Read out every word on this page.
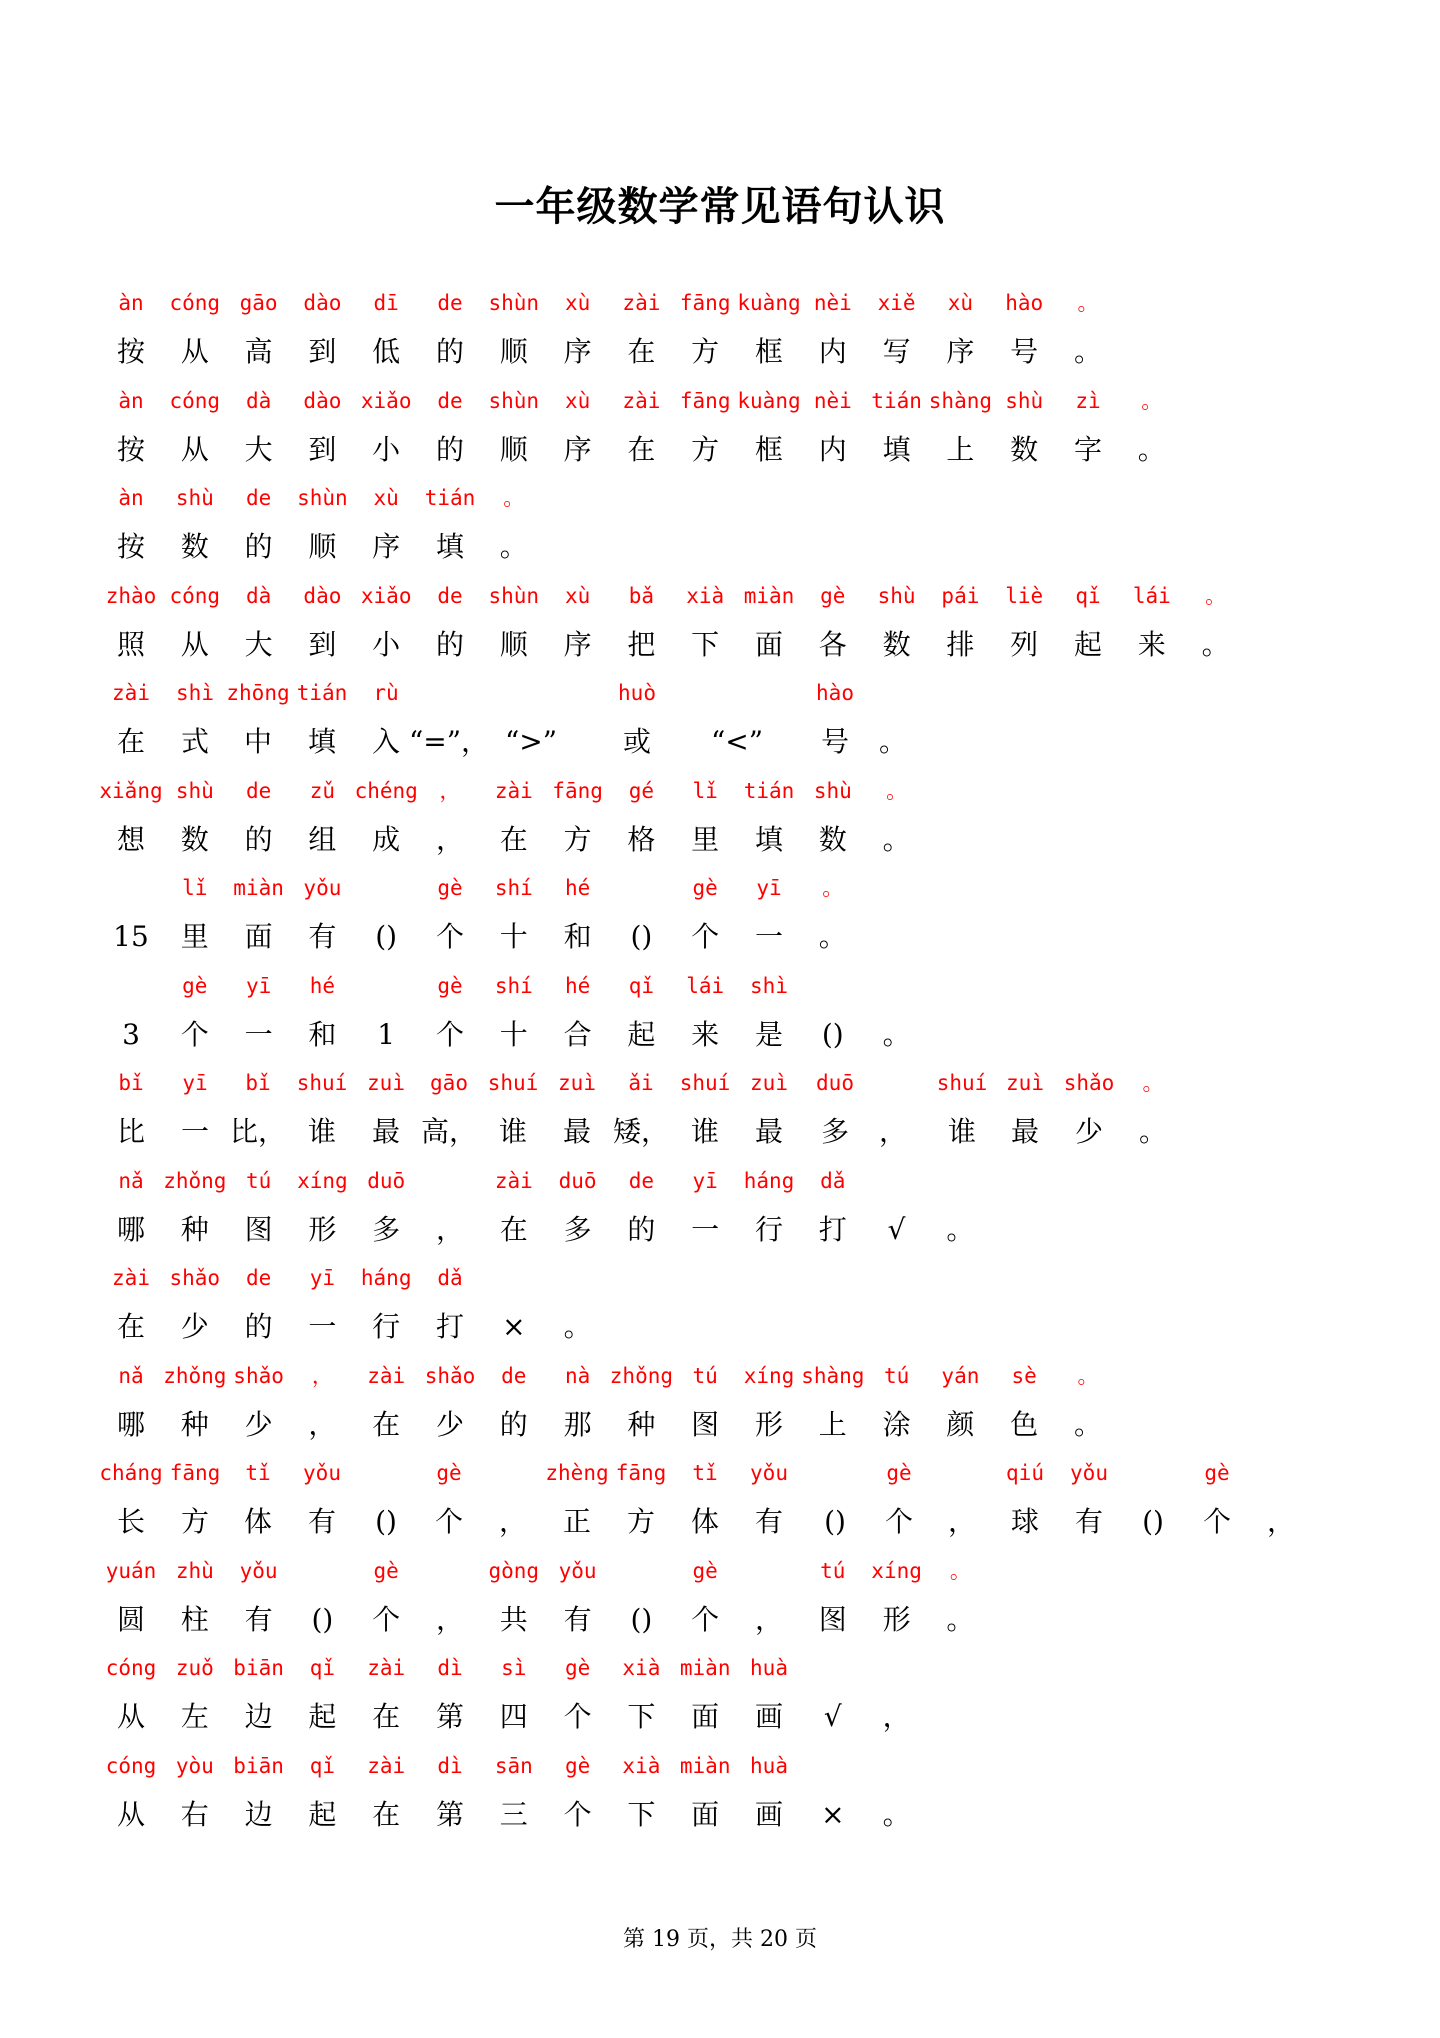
一年级数学常见语句认识
àn cóng gāo dào dī de shùn xù zài fāng kuàng nèi xiě xù hào 。
按 从 高 到 低 的 顺 序 在 方 框 内 写 序 号 。
àn cóng dà dào xiǎo de shùn xù zài fāng kuàng nèi tián shàng shù zì 。
按 从 大 到 小 的 顺 序 在 方 框 内 填 上 数 字 。
àn shù de shùn xù tián 。
按 数 的 顺 序 填 。
zhào cóng dà dào xiǎo de shùn xù bǎ xià miàn gè shù pái liè qǐ lái 。
照 从 大 到 小 的 顺 序 把 下 面 各 数 排 列 起 来 。
zài shì zhōng tián rù	huò	hào
在 式 中 填 入 “=”， “>” 或 “<” 号 。
xiǎng shù de zǔ chéng ， zài fāng gé lǐ tián shù 。
想 数 的 组 成 ， 在 方 格 里 填 数 。
lǐ miàn yǒu	gè shí hé	gè yī 。
15 里 面 有 () 个 十 和 () 个 一 。
gè yī hé	gè shí hé qǐ lái shì
3 个 一 和 1 个 十 合 起 来 是 () 。
bǐ yī bǐ shuí zuì gāo shuí zuì ǎi shuí zuì duō	shuí zuì shǎo 。
比 一 比， 谁 最 高， 谁 最 矮， 谁 最 多 ， 谁 最 少 。
nǎ zhǒng tú xíng duō	zài duō de yī háng dǎ
哪 种 图 形 多 ， 在 多 的 一 行 打 √ 。
zài shǎo de yī háng dǎ
在 少 的 一 行 打 × 。
nǎ zhǒng shǎo ， zài shǎo de nà zhǒng tú xíng shàng tú yán sè 。
哪 种 少 ， 在 少 的 那 种 图 形 上 涂 颜 色 。
cháng fāng tǐ yǒu	gè	zhèng fāng tǐ yǒu	gè	qiú yǒu	gè
长 方 体 有 () 个 ， 正 方 体 有 () 个 ， 球 有 () 个 ，
yuán zhù yǒu	gè	gòng yǒu	gè	tú xíng 。
圆 柱 有 () 个 ， 共 有 () 个 ， 图 形 。
cóng zuǒ biān qǐ zài dì sì gè xià miàn huà
从 左 边 起 在 第 四 个 下 面 画 √ ，
cóng yòu biān qǐ zài dì sān gè xià miàn huà
从 右 边 起 在 第 三 个 下 面 画 × 。
第 19 页，共 20 页
